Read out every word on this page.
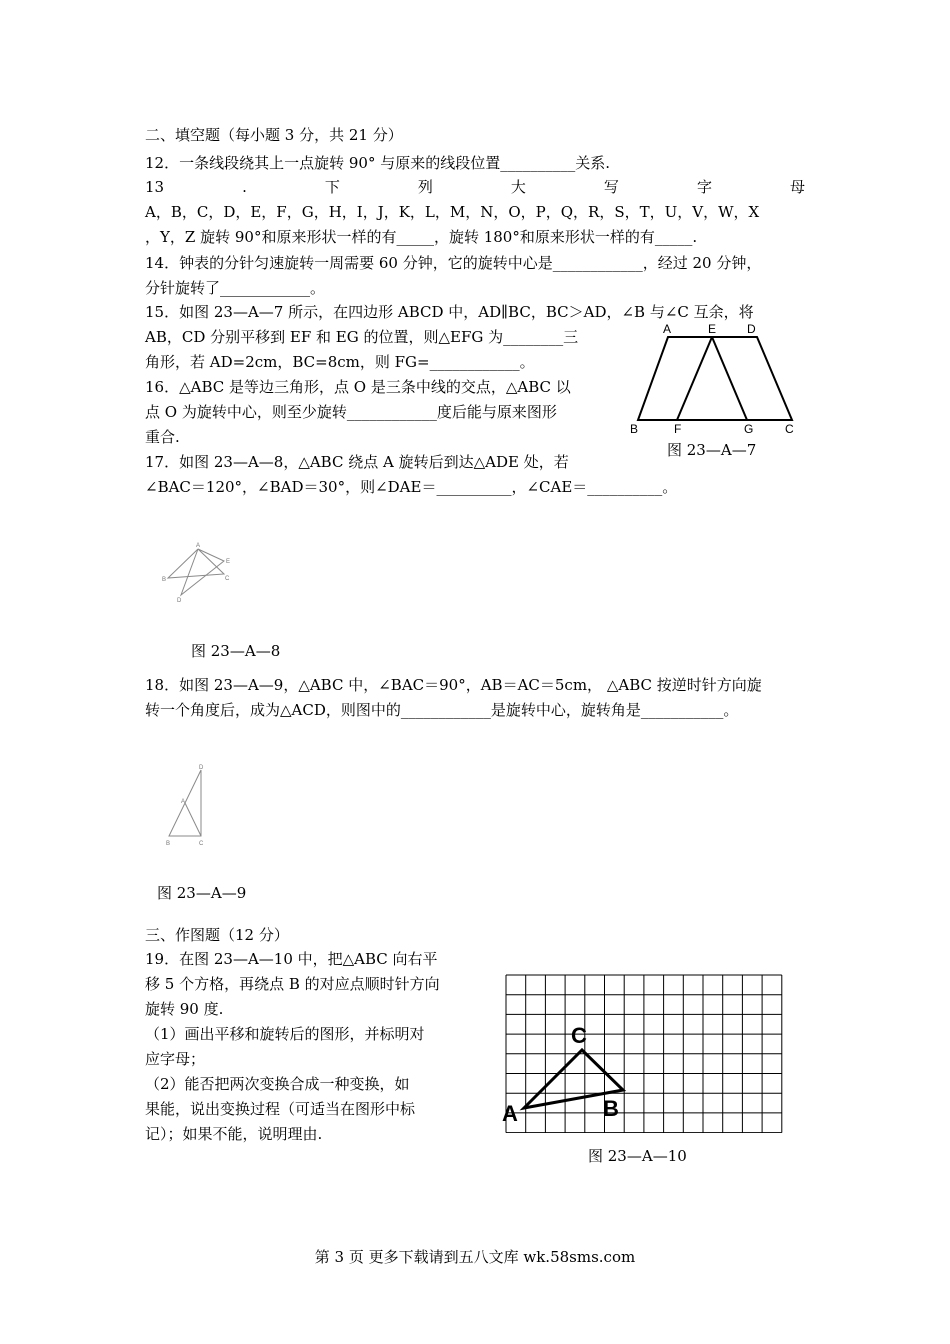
二、填空题（每小题 3 分，共 21 分）
12．一条线段绕其上一点旋转 90° 与原来的线段位置__________关系.
13	.	下	列	大	写	字	母
A，B，C，D，E，F，G，H，I，J，K，L，M，N，O，P，Q，R，S，T，U，V，W，X
，Y，Z 旋转 90°和原来形状一样的有_____，旋转 180°和原来形状一样的有_____.
14．钟表的分针匀速旋转一周需要 60 分钟，它的旋转中心是____________，经过 20 分钟，
分针旋转了____________。
15．如图 23—A—7 所示，在四边形 ABCD 中，AD∥BC，BC＞AD，∠B 与∠C 互余，将
AB，CD 分别平移到 EF 和 EG 的位置，则△EFG 为________三
角形，若 AD=2cm，BC=8cm，则 FG=____________。
16．△ABC 是等边三角形，点 O 是三条中线的交点，△ABC 以
点 O 为旋转中心，则至少旋转____________度后能与原来图形
重合.
17．如图 23—A—8，△ABC 绕点 A 旋转后到达△ADE 处，若
∠BAC＝120°，∠BAD＝30°，则∠DAE＝__________，∠CAE＝__________。
A	E	D
B	F	G	C
图 23—A—7
A
E
B	C
D
图 23—A—8
18．如图 23—A—9，△ABC 中，∠BAC＝90°，AB＝AC＝5cm， △ABC 按逆时针方向旋
转一个角度后，成为△ACD，则图中的____________是旋转中心，旋转角是___________。
D
A
B	C
图 23—A—9
三、作图题（12 分）
19．在图 23—A—10 中，把△ABC 向右平
移 5 个方格，再绕点 B 的对应点顺时针方向
旋转 90 度.
（1）画出平移和旋转后的图形，并标明对
应字母；
（2）能否把两次变换合成一种变换，如
果能，说出变换过程（可适当在图形中标
记）；如果不能，说明理由.
C
A	B
图 23—A—10
第 3 页 更多下载请到五八文库 wk.58sms.com
